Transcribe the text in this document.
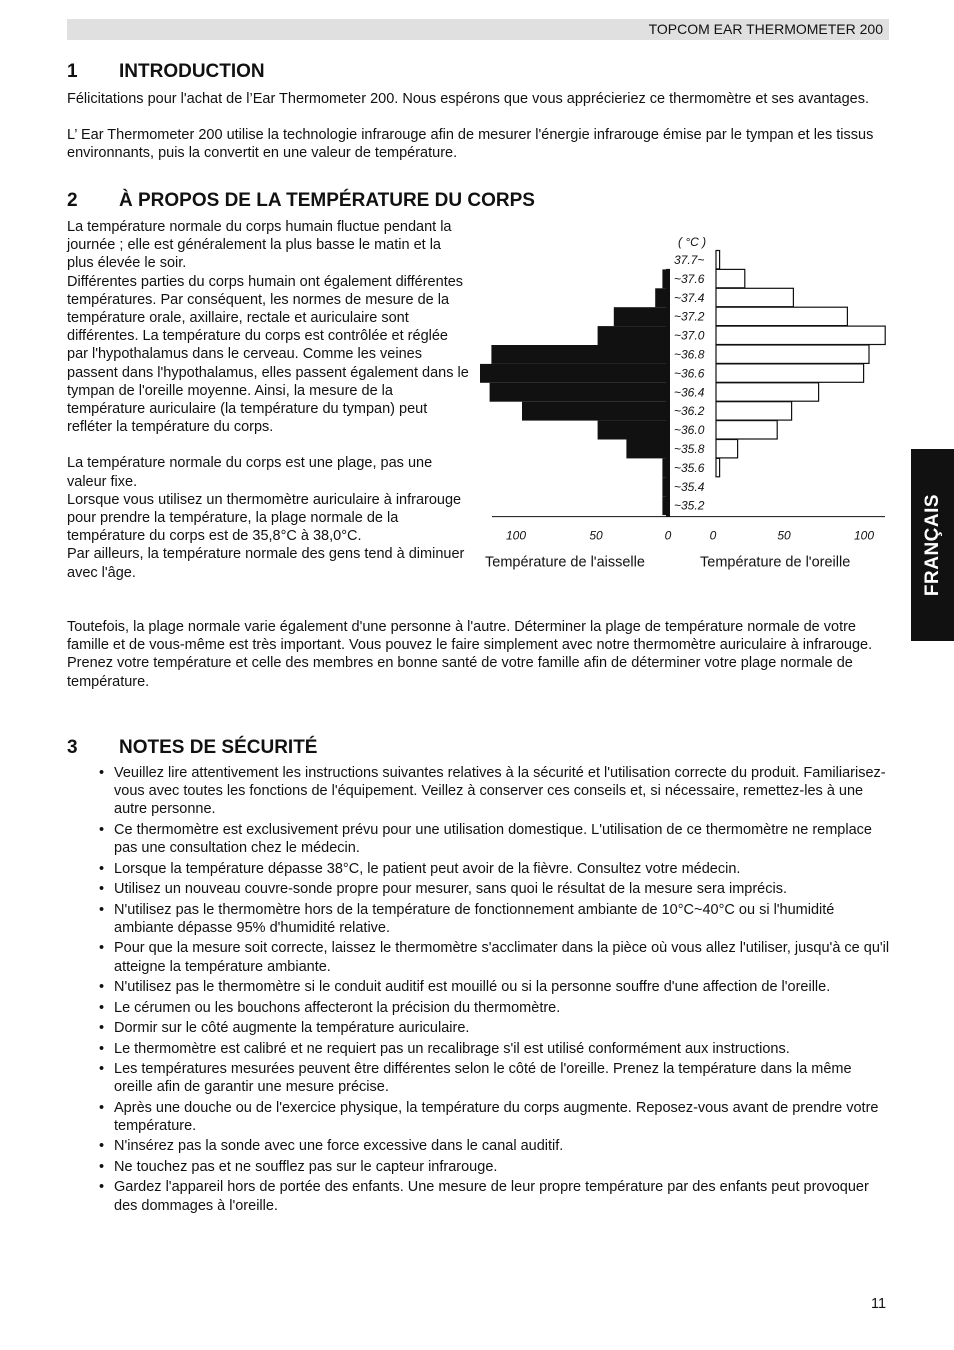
TOPCOM EAR THERMOMETER 200
1 INTRODUCTION

Félicitations pour l'achat de l’Ear Thermometer 200. Nous espérons que vous apprécieriez ce thermomètre et ses avantages.

L’ Ear Thermometer 200 utilise la technologie infrarouge afin de mesurer l'énergie infrarouge émise par le tympan et les tissus environnants, puis la convertit en une valeur de température.

2 À PROPOS DE LA TEMPÉRATURE DU CORPS

La température normale du corps humain fluctue pendant la journée ; elle est généralement la plus basse le matin et la plus élevée le soir.

Différentes parties du corps humain ont également différentes températures. Par conséquent, les normes de mesure de la température orale, axillaire, rectale et auriculaire sont différentes. La température du corps est contrôlée et réglée par l'hypothalamus dans le cerveau. Comme les veines passent dans l'hypothalamus, elles passent également dans le tympan de l'oreille moyenne. Ainsi, la mesure de la température auriculaire (la température du tympan) peut refléter la température du corps.

La température normale du corps est une plage, pas une valeur fixe.

Lorsque vous utilisez un thermomètre auriculaire à infrarouge pour prendre la température, la plage normale de la température du corps est de 35,8°C à 38,0°C.

Par ailleurs, la température normale des gens tend à diminuer avec l'âge.

( °C )
37.7~
~37.6
~37.4
~37.2
~37.0
~36.8
~36.6
~36.4
~36.2
~36.0
~35.8
~35.6
~35.4
~35.2
100	50	0	0	50	100
Température de l'aisselle	Température de l'oreille

Toutefois, la plage normale varie également d'une personne à l'autre. Déterminer la plage de température normale de votre famille et de vous-même est très important. Vous pouvez le faire simplement avec notre thermomètre auriculaire à infrarouge. Prenez votre température et celle des membres en bonne santé de votre famille afin de déterminer votre plage normale de température.

3 NOTES DE SÉCURITÉ
• Veuillez lire attentivement les instructions suivantes relatives à la sécurité et l'utilisation correcte du produit. Familiarisez-vous avec toutes les fonctions de l'équipement. Veillez à conserver ces conseils et, si nécessaire, remettez-les à une autre personne.
• Ce thermomètre est exclusivement prévu pour une utilisation domestique. L'utilisation de ce thermomètre ne remplace pas une consultation chez le médecin.
• Lorsque la température dépasse 38°C, le patient peut avoir de la fièvre. Consultez votre médecin.
• Utilisez un nouveau couvre-sonde propre pour mesurer, sans quoi le résultat de la mesure sera imprécis.
• N'utilisez pas le thermomètre hors de la température de fonctionnement ambiante de 10°C~40°C ou si l'humidité ambiante dépasse 95% d'humidité relative.
• Pour que la mesure soit correcte, laissez le thermomètre s'acclimater dans la pièce où vous allez l'utiliser, jusqu'à ce qu'il atteigne la température ambiante.
• N'utilisez pas le thermomètre si le conduit auditif est mouillé ou si la personne souffre d'une affection de l'oreille.
• Le cérumen ou les bouchons affecteront la précision du thermomètre.
• Dormir sur le côté augmente la température auriculaire.
• Le thermomètre est calibré et ne requiert pas un recalibrage s'il est utilisé conformément aux instructions.
• Les températures mesurées peuvent être différentes selon le côté de l'oreille. Prenez la température dans la même oreille afin de garantir une mesure précise.
• Après une douche ou de l'exercice physique, la température du corps augmente. Reposez-vous avant de prendre votre température.
• N'insérez pas la sonde avec une force excessive dans le canal auditif.
• Ne touchez pas et ne soufflez pas sur le capteur infrarouge.
• Gardez l'appareil hors de portée des enfants. Une mesure de leur propre température par des enfants peut provoquer des dommages à l'oreille.
FRANÇAIS
11
